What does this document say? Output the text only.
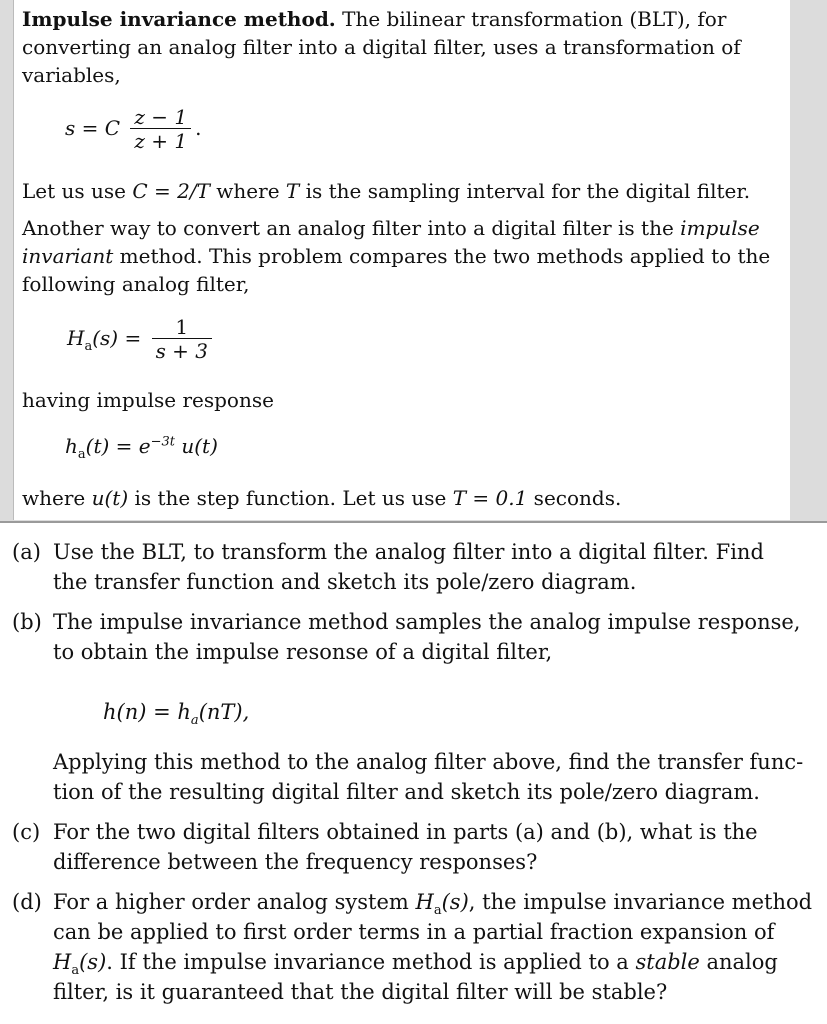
Impulse invariance method. The bilinear transformation (BLT), for
converting an analog filter into a digital filter, uses a transformation of
variables,
s = C $\frac{z - 1}{z + 1}$ .
Let us use C = 2/T where T is the sampling interval for the digital filter.
Another way to convert an analog filter into a digital filter is the impulse
invariant method. This problem compares the two methods applied to the
following analog filter,
$H_a(s) = \frac{1}{s + 3}$
having impulse response
$h_a(t) = e^{-3t}$ u(t)
where u(t) is the step function. Let us use T = 0.1 seconds.
(a) Use the BLT, to transform the analog filter into a digital filter. Find
the transfer function and sketch its pole/zero diagram.
(b) The impulse invariance method samples the analog impulse response,
to obtain the impulse resonse of a digital filter,
$h(n) = h_a(nT)$,
Applying this method to the analog filter above, find the transfer func-
tion of the resulting digital filter and sketch its pole/zero diagram.
(c) For the two digital filters obtained in parts (a) and (b), what is the
difference between the frequency responses?
(d) For a higher order analog system $H_a(s)$, the impulse invariance method
can be applied to first order terms in a partial fraction expansion of
$H_a(s)$. If the impulse invariance method is applied to a stable analog
filter, is it guaranteed that the digital filter will be stable?
